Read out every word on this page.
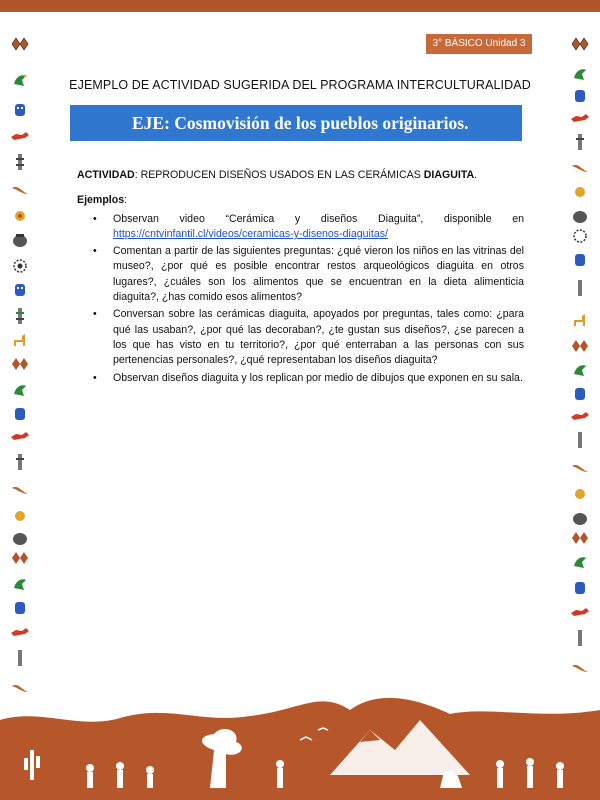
3° BÁSICO Unidad 3
EJEMPLO DE ACTIVIDAD SUGERIDA DEL PROGRAMA INTERCULTURALIDAD
EJE: Cosmovisión de los pueblos originarios.

ACTIVIDAD: REPRODUCEN DISEÑOS USADOS EN LAS CERÁMICAS DIAGUITA.

Ejemplos:

• Observan video “Cerámica y diseños Diaguita”, disponible en
https://cntvinfantil.cl/videos/ceramicas-y-disenos-diaguitas/
• Comentan a partir de las siguientes preguntas: ¿qué vieron los niños en las vitrinas del museo?, ¿por qué es posible encontrar restos arqueológicos diaguita en otros lugares?, ¿cuáles son los alimentos que se encuentran en la dieta alimenticia diaguita?, ¿has comido esos alimentos?
• Conversan sobre las cerámicas diaguita, apoyados por preguntas, tales como: ¿para qué las usaban?, ¿por qué las decoraban?, ¿te gustan sus diseños?, ¿se parecen a los que has visto en tu territorio?, ¿por qué enterraban a las personas con sus pertenencias personales?, ¿qué representaban los diseños diaguita?
• Observan diseños diaguita y los replican por medio de dibujos que exponen en su sala.
